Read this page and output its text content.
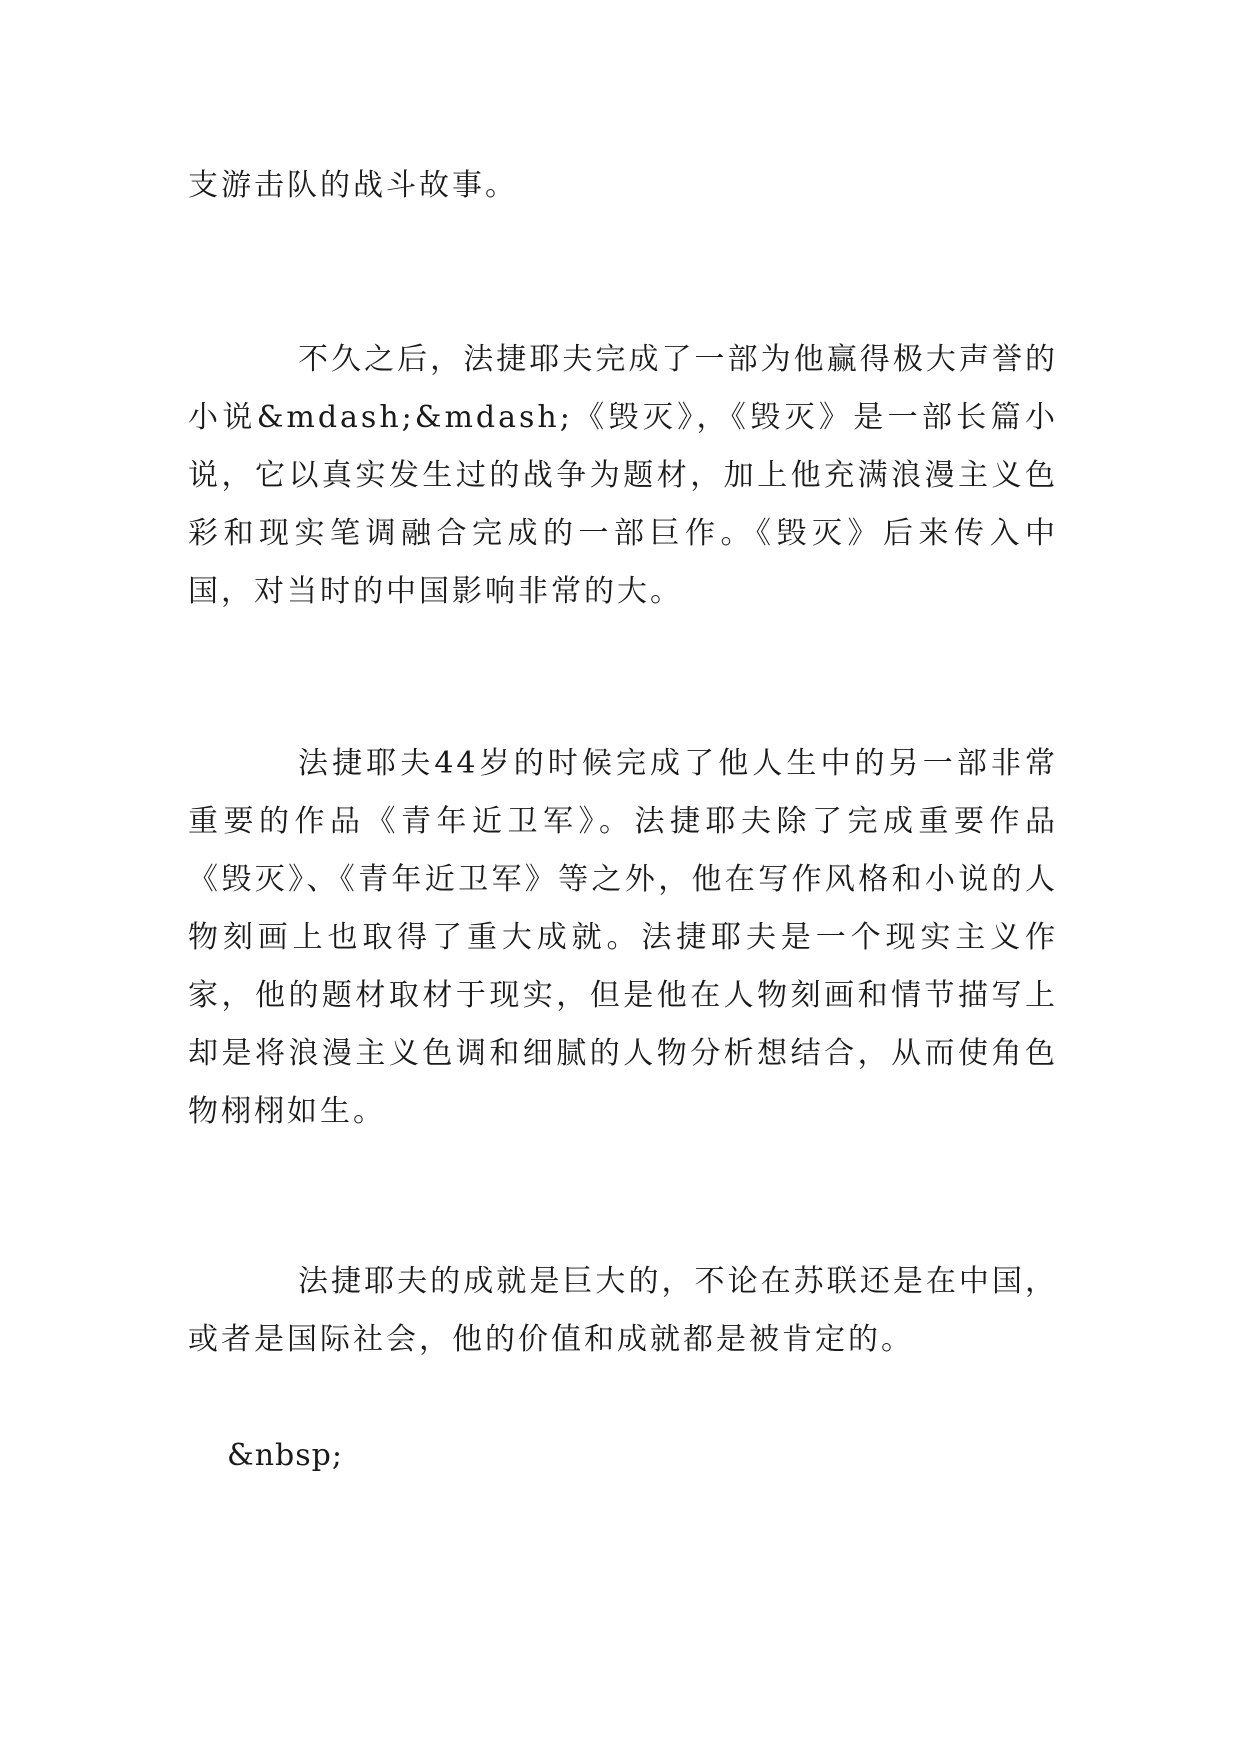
支游击队的战斗故事。
不久之后，法捷耶夫完成了一部为他赢得极大声誉的小说&mdash;&mdash;《毁灭》，《毁灭》是一部长篇小说，它以真实发生过的战争为题材，加上他充满浪漫主义色彩和现实笔调融合完成的一部巨作。《毁灭》后来传入中国，对当时的中国影响非常的大。
法捷耶夫44岁的时候完成了他人生中的另一部非常重要的作品《青年近卫军》。法捷耶夫除了完成重要作品《毁灭》、《青年近卫军》等之外，他在写作风格和小说的人物刻画上也取得了重大成就。法捷耶夫是一个现实主义作家，他的题材取材于现实，但是他在人物刻画和情节描写上却是将浪漫主义色调和细腻的人物分析想结合，从而使角色物栩栩如生。
法捷耶夫的成就是巨大的，不论在苏联还是在中国，或者是国际社会，他的价值和成就都是被肯定的。
&nbsp;
